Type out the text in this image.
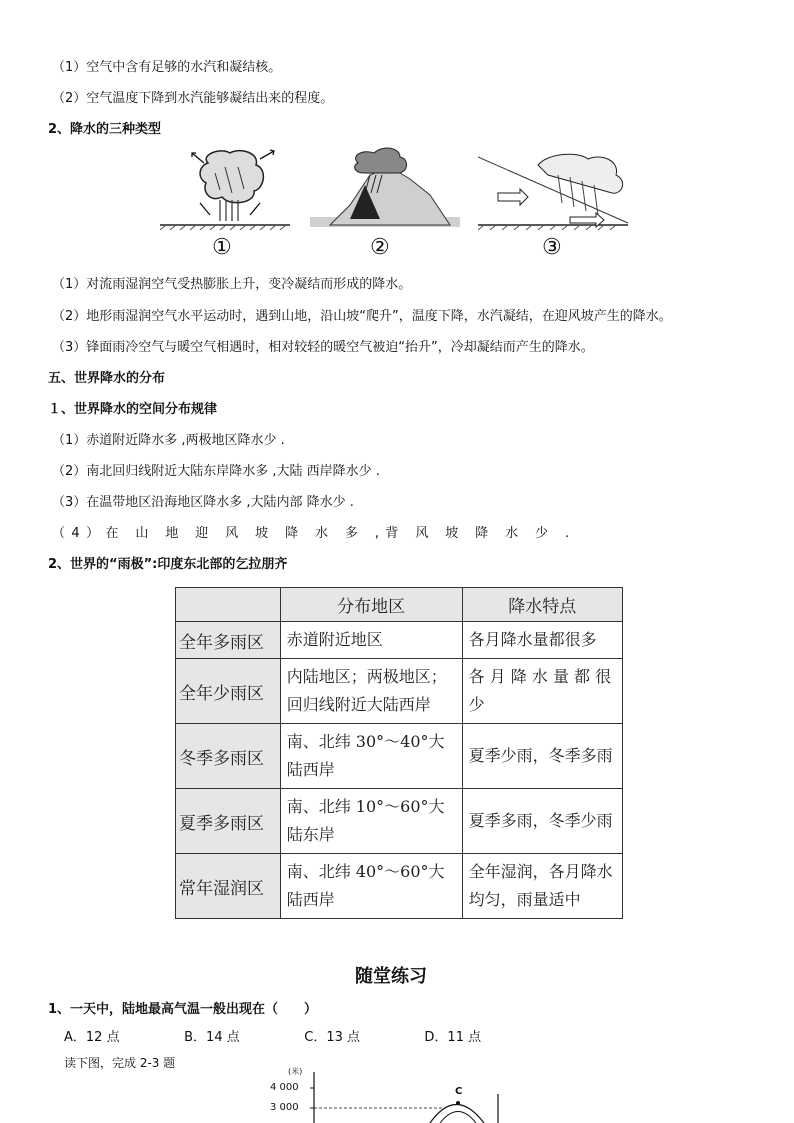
（1）空气中含有足够的水汽和凝结核。
（2）空气温度下降到水汽能够凝结出来的程度。
2、降水的三种类型
①	②	③
（1）对流雨湿润空气受热膨胀上升，变冷凝结而形成的降水。
（2）地形雨湿润空气水平运动时，遇到山地，沿山坡“爬升”，温度下降，水汽凝结，在迎风坡产生的降水。
（3）锋面雨冷空气与暖空气相遇时，相对较轻的暖空气被迫“抬升”，冷却凝结而产生的降水。
五、世界降水的分布
１、世界降水的空间分布规律
（1）赤道附近降水多 ,两极地区降水少 .
（2）南北回归线附近大陆东岸降水多 ,大陆 西岸降水少 .
（3）在温带地区沿海地区降水多 ,大陆内部 降水少 .
（4）在 山 地 迎 风 坡 降 水 多 ,背 风 坡 降 水 少 .
2、世界的“雨极”:印度东北部的乞拉朋齐
	分布地区	降水特点
全年多雨区	赤道附近地区	各月降水量都很多
全年少雨区	内陆地区；两极地区；回归线附近大陆西岸	各 月 降 水 量 都 很少
冬季多雨区	南、北纬 30°～40°大陆西岸	夏季少雨，冬季多雨
夏季多雨区	南、北纬 10°～60°大陆东岸	夏季多雨，冬季少雨
常年湿润区	南、北纬 40°～60°大陆西岸	全年湿润，各月降水均匀，雨量适中
随堂练习
1、一天中，陆地最高气温一般出现在（　　）
A．12 点	B．14 点	C．13 点	D．11 点
读下图，完成 2-3 题
(米)
4 000
3 000
C
